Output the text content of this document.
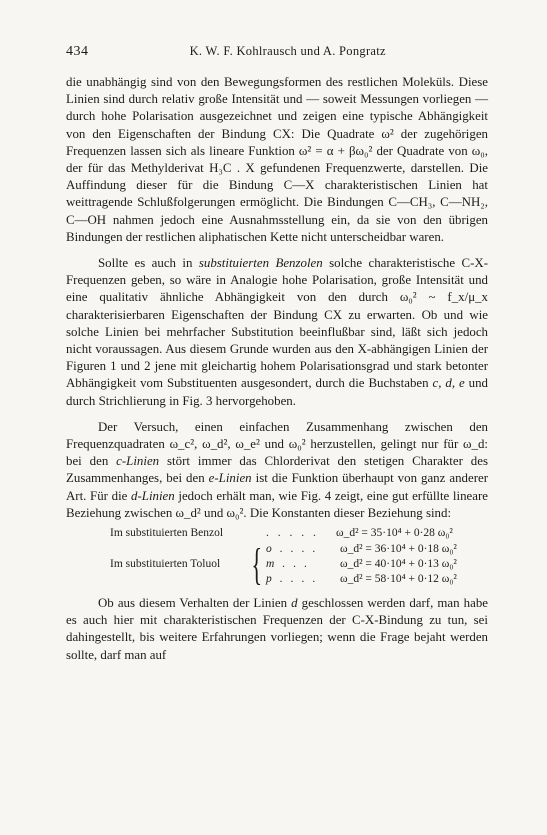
434	K. W. F. Kohlrausch und A. Pongratz

die unabhängig sind von den Bewegungsformen des restlichen Moleküls. Diese Linien sind durch relativ große Intensität und — soweit Messungen vorliegen — durch hohe Polarisation ausgezeichnet und zeigen eine typische Abhängigkeit von den Eigenschaften der Bindung CX: Die Quadrate ω² der zugehörigen Frequenzen lassen sich als lineare Funktion ω² = α + βω₀² der Quadrate von ω₀, der für das Methylderivat H₃C . X gefundenen Frequenzwerte, darstellen. Die Auffindung dieser für die Bindung C—X charakteristischen Linien hat weittragende Schlußfolgerungen ermöglicht. Die Bindungen C—CH₃, C—NH₂, C—OH nahmen jedoch eine Ausnahmsstellung ein, da sie von den übrigen Bindungen der restlichen aliphatischen Kette nicht unterscheidbar waren.

Sollte es auch in substituierten Benzolen solche charakteristische C-X-Frequenzen geben, so wäre in Analogie hohe Polarisation, große Intensität und eine qualitativ ähnliche Abhängigkeit von den durch ω₀² ~ f_x/μ_x charakterisierbaren Eigenschaften der Bindung CX zu erwarten. Ob und wie solche Linien bei mehrfacher Substitution beeinflußbar sind, läßt sich jedoch nicht voraussagen. Aus diesem Grunde wurden aus den X-abhängigen Linien der Figuren 1 und 2 jene mit gleichartig hohem Polarisationsgrad und stark betonter Abhängigkeit vom Substituenten ausgesondert, durch die Buchstaben c, d, e und durch Strichlierung in Fig. 3 hervorgehoben.

Der Versuch, einen einfachen Zusammenhang zwischen den Frequenzquadraten ω_c², ω_d², ω_e² und ω₀² herzustellen, gelingt nur für ω_d: bei den c-Linien stört immer das Chlorderivat den stetigen Charakter des Zusammenhanges, bei den e-Linien ist die Funktion überhaupt von ganz anderer Art. Für die d-Linien jedoch erhält man, wie Fig. 4 zeigt, eine gut erfüllte lineare Beziehung zwischen ω_d² und ω₀². Die Konstanten dieser Beziehung sind:

Im substituierten Benzol	. . . . .	ω_d² = 35·10⁴ + 0·28 ω₀²
Im substituierten Toluol { o . . . .	ω_d² = 36·10⁴ + 0·18 ω₀²
m . . .	ω_d² = 40·10⁴ + 0·13 ω₀²
p . . . .	ω_d² = 58·10⁴ + 0·12 ω₀²

Ob aus diesem Verhalten der Linien d geschlossen werden darf, man habe es auch hier mit charakteristischen Frequenzen der C-X-Bindung zu tun, sei dahingestellt, bis weitere Erfahrungen vorliegen; wenn die Frage bejaht werden sollte, darf man auf
